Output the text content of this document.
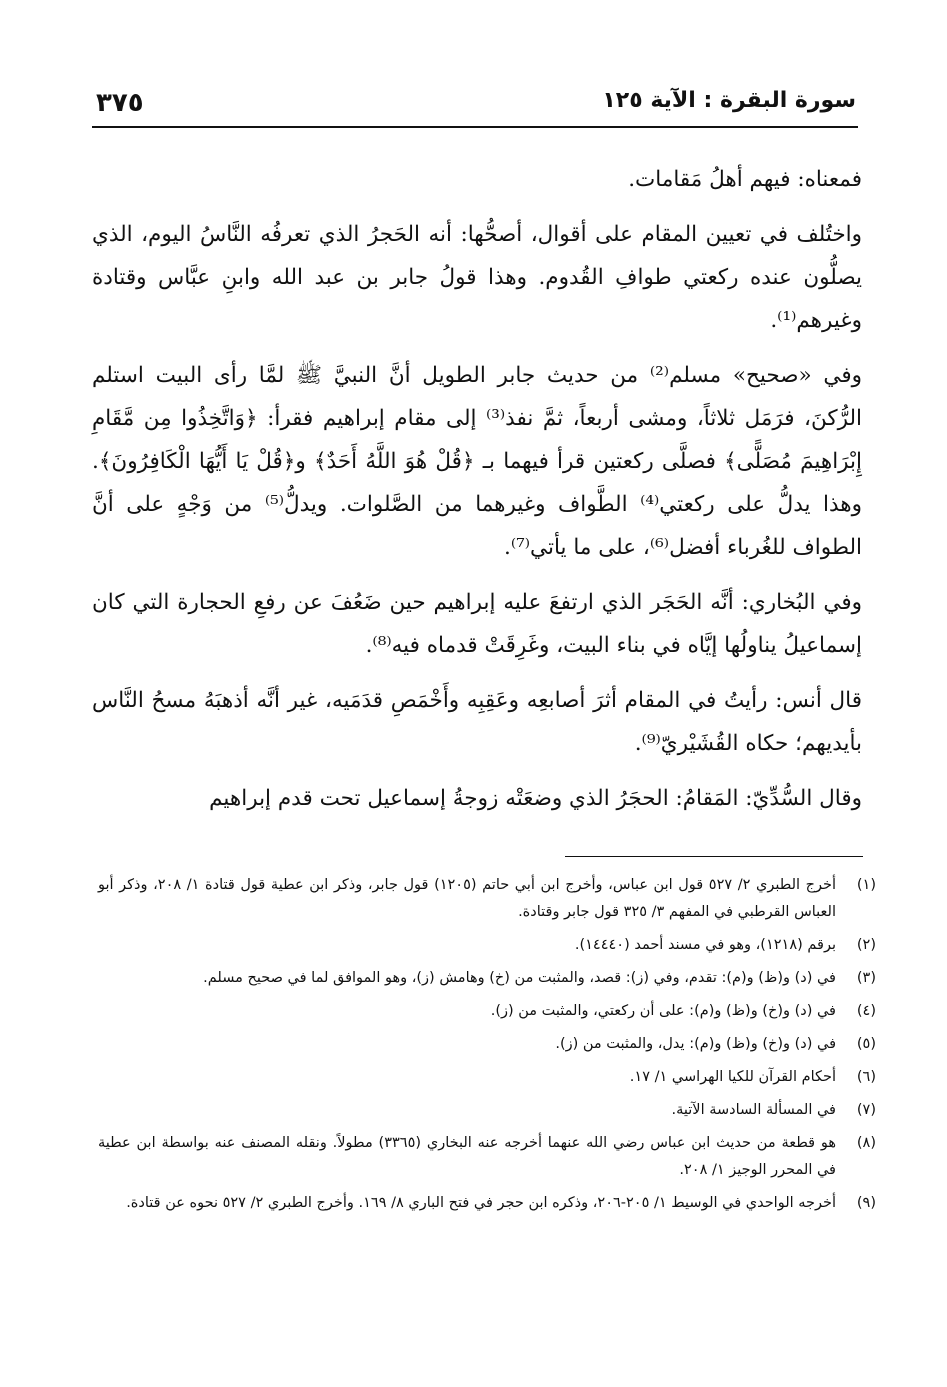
سورة البقرة : الآية ١٢٥
٣٧٥

فمعناه: فيهم أهلُ مَقامات.

واختُلف في تعيين المقام على أقوال، أصحُّها: أنه الحَجرُ الذي تعرفُه النَّاسُ اليوم، الذي يصلُّون عنده ركعتي طوافِ القُدوم. وهذا قولُ جابر بن عبد الله وابنِ عبَّاس وقتادة وغيرهم⁽¹⁾.

وفي «صحيح» مسلم⁽²⁾ من حديث جابر الطويل أنَّ النبيَّ ﷺ لمَّا رأى البيت استلم الرُّكنَ، فرَمَل ثلاثاً، ومشى أربعاً، ثمَّ نفذ⁽³⁾ إلى مقام إبراهيم فقرأ: ﴿وَاتَّخِذُوا مِن مَّقَامِ إِبْرَاهِيمَ مُصَلًّى﴾ فصلَّى ركعتين قرأ فيهما بـ ﴿قُلْ هُوَ اللَّهُ أَحَدٌ﴾ و﴿قُلْ يَا أَيُّهَا الْكَافِرُونَ﴾. وهذا يدلُّ على ركعتي⁽⁴⁾ الطَّواف وغيرهما من الصَّلوات. ويدلُّ⁽⁵⁾ من وَجْهٍ على أنَّ الطواف للغُرباء أفضل⁽⁶⁾، على ما يأتي⁽⁷⁾.

وفي البُخاري: أنَّه الحَجَر الذي ارتفعَ عليه إبراهيم حين ضَعُفَ عن رفعِ الحجارة التي كان إسماعيلُ يناولُها إيَّاه في بناء البيت، وغَرِقَتْ قدماه فيه⁽⁸⁾.

قال أنس: رأيتُ في المقام أثرَ أصابعِه وعَقِبِه وأَخْمَصِ قدَمَيه، غير أنَّه أذهبَهُ مسحُ النَّاس بأيديهم؛ حكاه القُشَيْريّ⁽⁹⁾.

وقال السُّدِّيّ: المَقامُ: الحجَرُ الذي وضعَتْه زوجةُ إسماعيل تحت قدم إبراهيم

(١)
أخرج الطبري ٢/ ٥٢٧ قول ابن عباس، وأخرج ابن أبي حاتم (١٢٠٥) قول جابر، وذكر ابن عطية قول قتادة ١/ ٢٠٨، وذكر أبو العباس القرطبي في المفهم ٣/ ٣٢٥ قول جابر وقتادة.
(٢)
برقم (١٢١٨)، وهو في مسند أحمد (١٤٤٤٠).
(٣)
في (د) و(ظ) و(م): تقدم، وفي (ز): قصد، والمثبت من (خ) وهامش (ز)، وهو الموافق لما في صحيح مسلم.
(٤)
في (د) و(خ) و(ظ) و(م): على أن ركعتي، والمثبت من (ز).
(٥)
في (د) و(خ) و(ظ) و(م): يدل، والمثبت من (ز).
(٦)
أحكام القرآن للكيا الهراسي ١/ ١٧.
(٧)
في المسألة السادسة الآتية.
(٨)
هو قطعة من حديث ابن عباس رضي الله عنهما أخرجه عنه البخاري (٣٣٦٥) مطولاً. ونقله المصنف عنه بواسطة ابن عطية في المحرر الوجيز ١/ ٢٠٨.
(٩)
أخرجه الواحدي في الوسيط ١/ ٢٠٥-٢٠٦، وذكره ابن حجر في فتح الباري ٨/ ١٦٩. وأخرج الطبري ٢/ ٥٢٧ نحوه عن قتادة.
